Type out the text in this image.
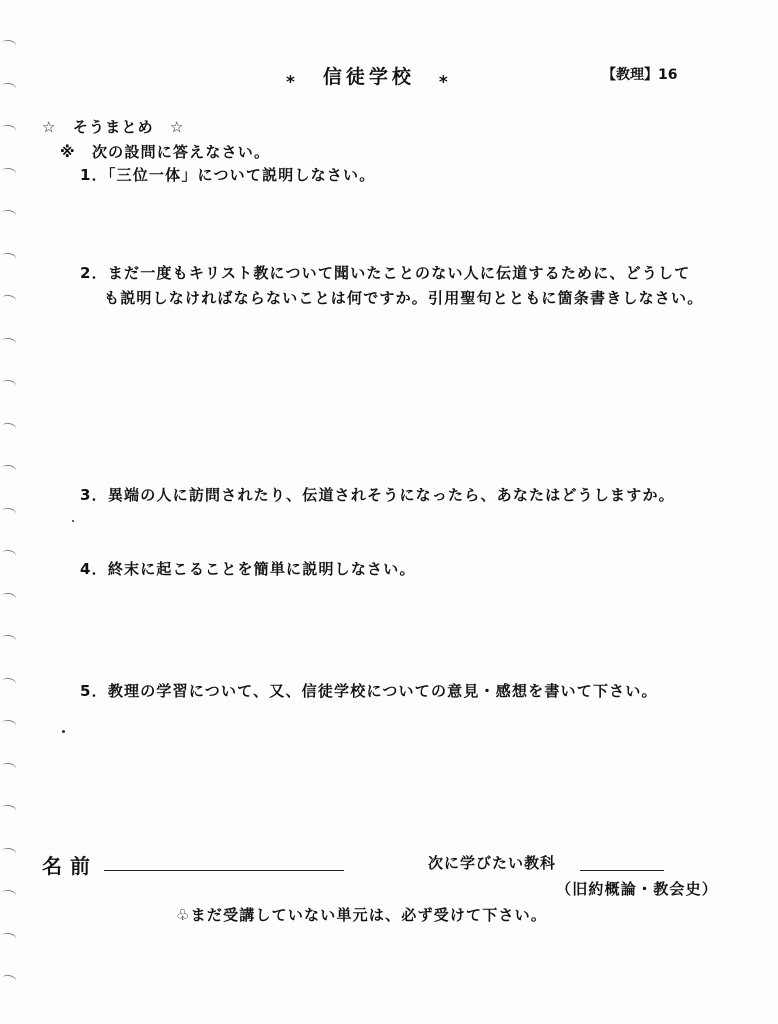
⁎ 信徒学校 ⁎	【教理】16
☆　そうまとめ　☆
※　次の設問に答えなさい。
1．「三位一体」について説明しなさい。
2．まだ一度もキリスト教について聞いたことのない人に伝道するために、どうして
も説明しなければならないことは何ですか。引用聖句とともに箇条書きしなさい。
3．異端の人に訪問されたり、伝道されそうになったら、あなたはどうしますか。
4．終末に起こることを簡単に説明しなさい。
5．教理の学習について、又、信徒学校についての意見・感想を書いて下さい。
名前	次に学びたい教科
（旧約概論・教会史）
♧まだ受講していない単元は、必ず受けて下さい。
